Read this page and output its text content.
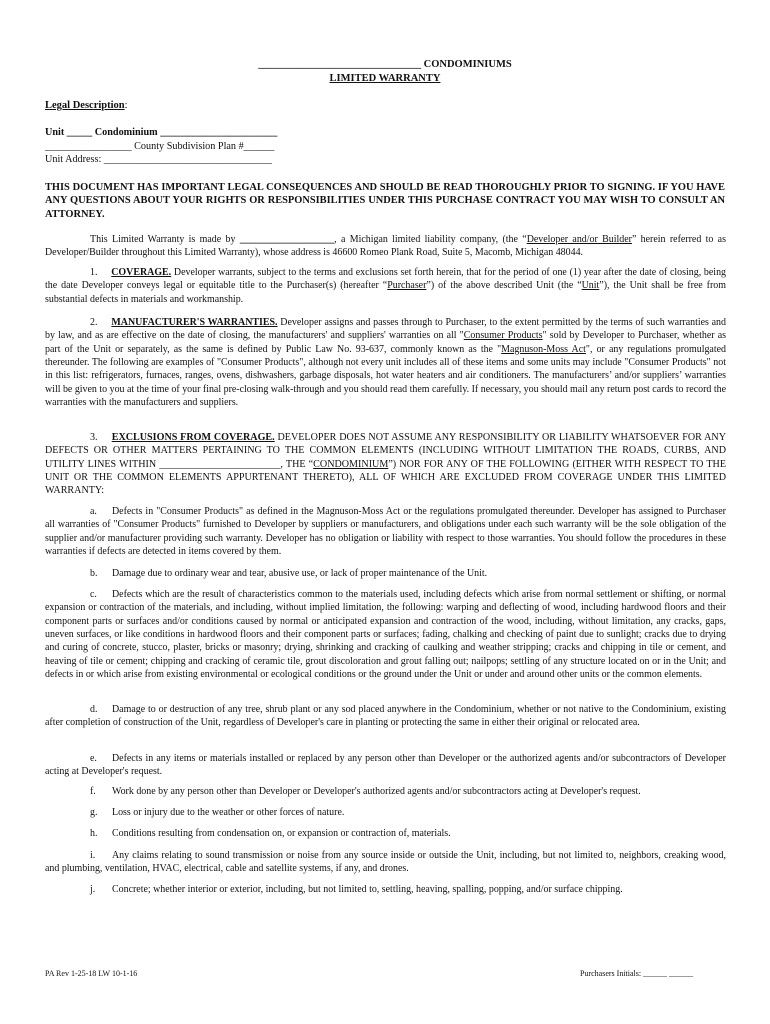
_______________________________ CONDOMINIUMS
LIMITED WARRANTY
Legal Description:
Unit _____ Condominium _______________________
_________________ County Subdivision Plan #______
Unit Address: _________________________________
THIS DOCUMENT HAS IMPORTANT LEGAL CONSEQUENCES AND SHOULD BE READ THOROUGHLY PRIOR TO SIGNING. IF YOU HAVE ANY QUESTIONS ABOUT YOUR RIGHTS OR RESPONSIBILITIES UNDER THIS PURCHASE CONTRACT YOU MAY WISH TO CONSULT AN ATTORNEY.
This Limited Warranty is made by ___________________, a Michigan limited liability company, (the “Developer and/or Builder” herein referred to as Developer/Builder throughout this Limited Warranty), whose address is 46600 Romeo Plank Road, Suite 5, Macomb, Michigan 48044.
1. COVERAGE. Developer warrants, subject to the terms and exclusions set forth herein, that for the period of one (1) year after the date of closing, being the date Developer conveys legal or equitable title to the Purchaser(s) (hereafter “Purchaser”) of the above described Unit (the “Unit”), the Unit shall be free from substantial defects in materials and workmanship.
2. MANUFACTURER'S WARRANTIES. Developer assigns and passes through to Purchaser, to the extent permitted by the terms of such warranties and by law, and as are effective on the date of closing, the manufacturers' and suppliers' warranties on all "Consumer Products" sold by Developer to Purchaser, whether as part of the Unit or separately, as the same is defined by Public Law No. 93-637, commonly known as the "Magnuson-Moss Act", or any regulations promulgated thereunder. The following are examples of "Consumer Products", although not every unit includes all of these items and some units may include "Consumer Products" not in this list: refrigerators, furnaces, ranges, ovens, dishwashers, garbage disposals, hot water heaters and air conditioners. The manufacturers’ and/or suppliers’ warranties will be given to you at the time of your final pre-closing walk-through and you should read them carefully. If necessary, you should mail any return post cards to record the warranties with the manufacturers and suppliers.
3. EXCLUSIONS FROM COVERAGE. DEVELOPER DOES NOT ASSUME ANY RESPONSIBILITY OR LIABILITY WHATSOEVER FOR ANY DEFECTS OR OTHER MATTERS PERTAINING TO THE COMMON ELEMENTS (INCLUDING WITHOUT LIMITATION THE ROADS, CURBS, AND UTILITY LINES WITHIN ________________________, THE “CONDOMINIUM”) NOR FOR ANY OF THE FOLLOWING (EITHER WITH RESPECT TO THE UNIT OR THE COMMON ELEMENTS APPURTENANT THERETO), ALL OF WHICH ARE EXCLUDED FROM COVERAGE UNDER THIS LIMITED WARRANTY:
a. Defects in "Consumer Products" as defined in the Magnuson-Moss Act or the regulations promulgated thereunder. Developer has assigned to Purchaser all warranties of "Consumer Products" furnished to Developer by suppliers or manufacturers, and obligations under each such warranty will be the sole obligation of the supplier and/or manufacturer providing such warranty. Developer has no obligation or liability with respect to those warranties. You should follow the procedures in these warranties if defects are detected in items covered by them.
b. Damage due to ordinary wear and tear, abusive use, or lack of proper maintenance of the Unit.
c. Defects which are the result of characteristics common to the materials used, including defects which arise from normal settlement or shifting, or normal expansion or contraction of the materials, and including, without implied limitation, the following: warping and deflecting of wood, including hardwood floors and their component parts or surfaces and/or conditions caused by normal or anticipated expansion and contraction of the wood, including, without limitation, any cracks, gaps, uneven surfaces, or like conditions in hardwood floors and their component parts or surfaces; fading, chalking and checking of paint due to sunlight; cracks due to drying and curing of concrete, stucco, plaster, bricks or masonry; drying, shrinking and cracking of caulking and weather stripping; cracks and chipping in tile or cement, and heaving of tile or cement; chipping and cracking of ceramic tile, grout discoloration and grout falling out; nailpops; settling of any structure located on or in the Unit; and defects in or which arise from existing environmental or ecological conditions or the ground under the Unit or under and around other units or the common elements.
d. Damage to or destruction of any tree, shrub plant or any sod placed anywhere in the Condominium, whether or not native to the Condominium, existing after completion of construction of the Unit, regardless of Developer's care in planting or protecting the same in either their original or relocated area.
e. Defects in any items or materials installed or replaced by any person other than Developer or the authorized agents and/or subcontractors of Developer acting at Developer's request.
f. Work done by any person other than Developer or Developer's authorized agents and/or subcontractors acting at Developer's request.
g. Loss or injury due to the weather or other forces of nature.
h. Conditions resulting from condensation on, or expansion or contraction of, materials.
i. Any claims relating to sound transmission or noise from any source inside or outside the Unit, including, but not limited to, neighbors, creaking wood, and plumbing, ventilation, HVAC, electrical, cable and satellite systems, if any, and drones.
j. Concrete; whether interior or exterior, including, but not limited to, settling, heaving, spalling, popping, and/or surface chipping.
PA Rev 1-25-18 LW 10-1-16	Purchasers Initials: ______ ______
